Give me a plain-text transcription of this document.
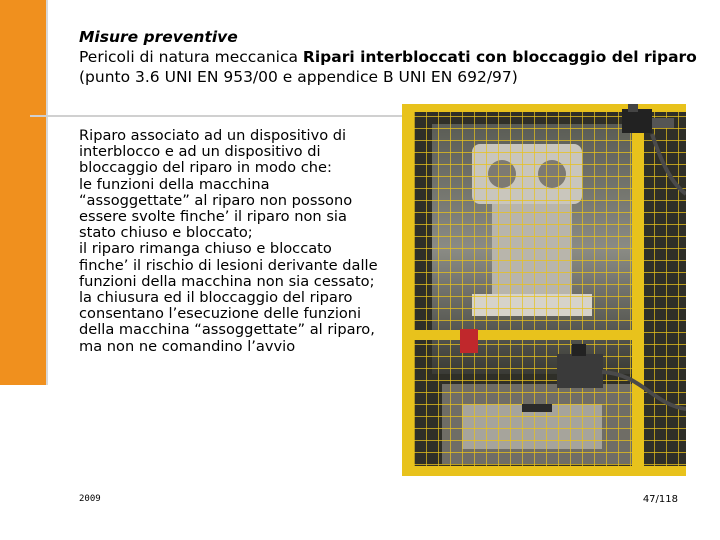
Misure preventive
Pericoli di natura meccanica Ripari interbloccati con bloccaggio del riparo (punto 3.6 UNI EN 953/00 e appendice B UNI EN 692/97)

Riparo associato ad un dispositivo di interblocco e ad un dispositivo di bloccaggio del riparo in modo che:

le funzioni della macchina “assoggettate” al riparo non possono essere svolte finche’ il riparo non sia stato chiuso e bloccato;

il riparo rimanga chiuso e bloccato finche’ il rischio di lesioni derivante dalle funzioni della macchina non sia cessato;

la chiusura ed il bloccaggio del riparo consentano l’esecuzione delle funzioni della macchina “assoggettate” al riparo, ma non ne comandino l’avvio

2009	47/118
